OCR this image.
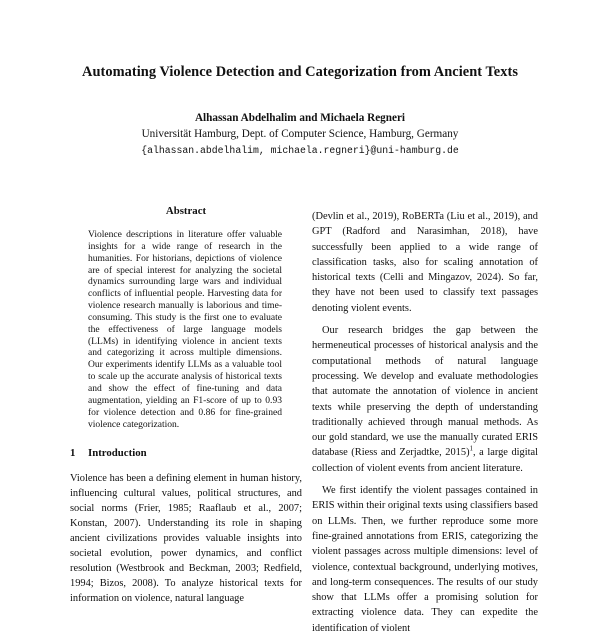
Automating Violence Detection and Categorization from Ancient Texts
Alhassan Abdelhalim and Michaela Regneri
Universität Hamburg, Dept. of Computer Science, Hamburg, Germany
{alhassan.abdelhalim, michaela.regneri}@uni-hamburg.de
Abstract
Violence descriptions in literature offer valuable insights for a wide range of research in the humanities. For historians, depictions of violence are of special interest for analyzing the societal dynamics surrounding large wars and individual conflicts of influential people. Harvesting data for violence research manually is laborious and time-consuming. This study is the first one to evaluate the effectiveness of large language models (LLMs) in identifying violence in ancient texts and categorizing it across multiple dimensions. Our experiments identify LLMs as a valuable tool to scale up the accurate analysis of historical texts and show the effect of fine-tuning and data augmentation, yielding an F1-score of up to 0.93 for violence detection and 0.86 for fine-grained violence categorization.
1 Introduction

Violence has been a defining element in human history, influencing cultural values, political structures, and social norms (Frier, 1985; Raaflaub et al., 2007; Konstan, 2007). Understanding its role in shaping ancient civilizations provides valuable insights into societal evolution, power dynamics, and conflict resolution (Westbrook and Beckman, 2003; Redfield, 1994; Bizos, 2008). To analyze historical texts for information on violence, natural language

(Devlin et al., 2019), RoBERTa (Liu et al., 2019), and GPT (Radford and Narasimhan, 2018), have successfully been applied to a wide range of classification tasks, also for scaling annotation of historical texts (Celli and Mingazov, 2024). So far, they have not been used to classify text passages denoting violent events.

Our research bridges the gap between the hermeneutical processes of historical analysis and the computational methods of natural language processing. We develop and evaluate methodologies that automate the annotation of violence in ancient texts while preserving the depth of understanding traditionally achieved through manual methods. As our gold standard, we use the manually curated ERIS database (Riess and Zerjadtke, 2015)$^1$, a large digital collection of violent events from ancient literature.

We first identify the violent passages contained in ERIS within their original texts using classifiers based on LLMs. Then, we further reproduce some more fine-grained annotations from ERIS, categorizing the violent passages across multiple dimensions: level of violence, contextual background, underlying motives, and long-term consequences. The results of our study show that LLMs offer a promising solution for extracting violence data. They can expedite the identification of violent
